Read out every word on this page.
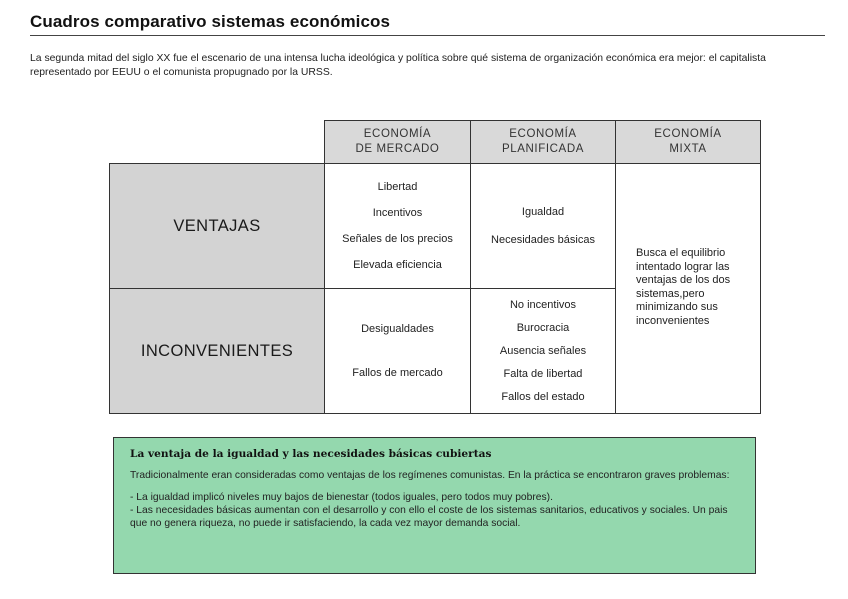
Cuadros comparativo sistemas económicos
La segunda mitad del siglo XX fue el escenario de una intensa lucha ideológica y política sobre qué sistema de organización económica era mejor: el capitalista representado por EEUU o el comunista propugnado por la URSS.
ECONOMÍA
DE MERCADO
ECONOMÍA
PLANIFICADA
ECONOMÍA
MIXTA
VENTAJAS
INCONVENIENTES
Libertad
Incentivos
Señales de los precios
Elevada eficiencia
Igualdad
Necesidades básicas
Desigualdades
Fallos de mercado
No incentivos
Burocracia
Ausencia señales
Falta de libertad
Fallos del estado
Busca el equilibrio intentado lograr las ventajas de los dos sistemas,pero minimizando sus inconvenientes
La ventaja de la igualdad y las necesidades básicas cubiertas

Tradicionalmente eran consideradas como ventajas de los regímenes comunistas. En la práctica se encontraron graves problemas:

- La igualdad implicó niveles muy bajos de bienestar (todos iguales, pero todos muy pobres).

- Las necesidades básicas aumentan con el desarrollo y con ello el coste de los sistemas sanitarios, educativos y sociales. Un pais que no genera riqueza, no puede ir satisfaciendo, la cada vez mayor demanda social.
